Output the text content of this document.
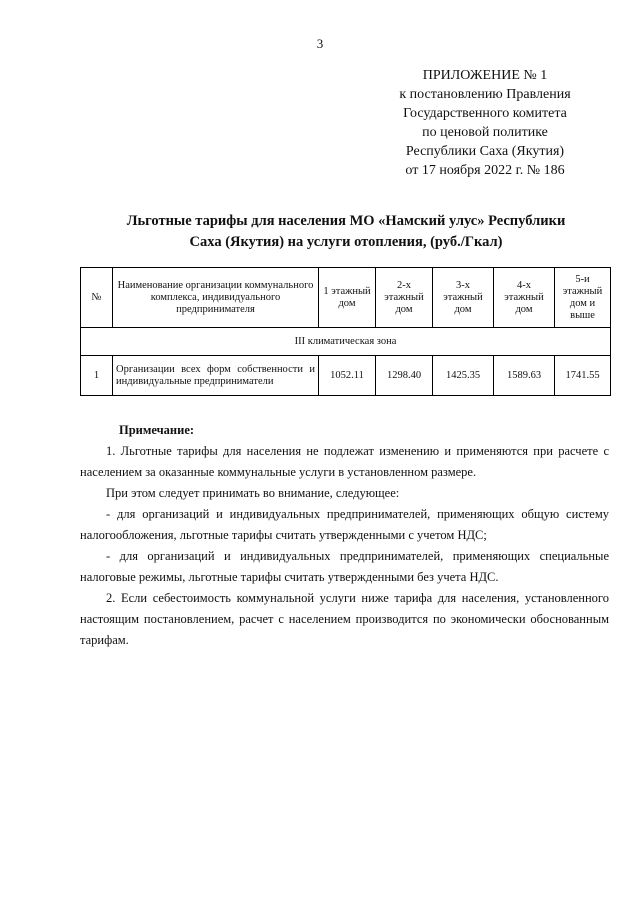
3
ПРИЛОЖЕНИЕ № 1
к постановлению Правления
Государственного комитета
по ценовой политике
Республики Саха (Якутия)
от 17 ноября 2022 г. № 186
Льготные тарифы для населения МО «Намский улус» Республики
Саха (Якутия) на услуги отопления, (руб./Гкал)
№	Наименование организации коммунального комплекса, индивидуального предпринимателя	1 этажный дом	2-х этажный дом	3-х этажный дом	4-х этажный дом	5-и этажный дом и выше
III климатическая зона						
1	Организации всех форм собственности и индивидуальные предприниматели	1052.11	1298.40	1425.35	1589.63	1741.55

Примечание:

1. Льготные тарифы для населения не подлежат изменению и применяются при расчете с населением за оказанные коммунальные услуги в установленном размере.

При этом следует принимать во внимание, следующее:

- для организаций и индивидуальных предпринимателей, применяющих общую систему налогообложения, льготные тарифы считать утвержденными с учетом НДС;

- для организаций и индивидуальных предпринимателей, применяющих специальные налоговые режимы, льготные тарифы считать утвержденными без учета НДС.

2. Если себестоимость коммунальной услуги ниже тарифа для населения, установленного настоящим постановлением, расчет с населением производится по экономически обоснованным тарифам.
